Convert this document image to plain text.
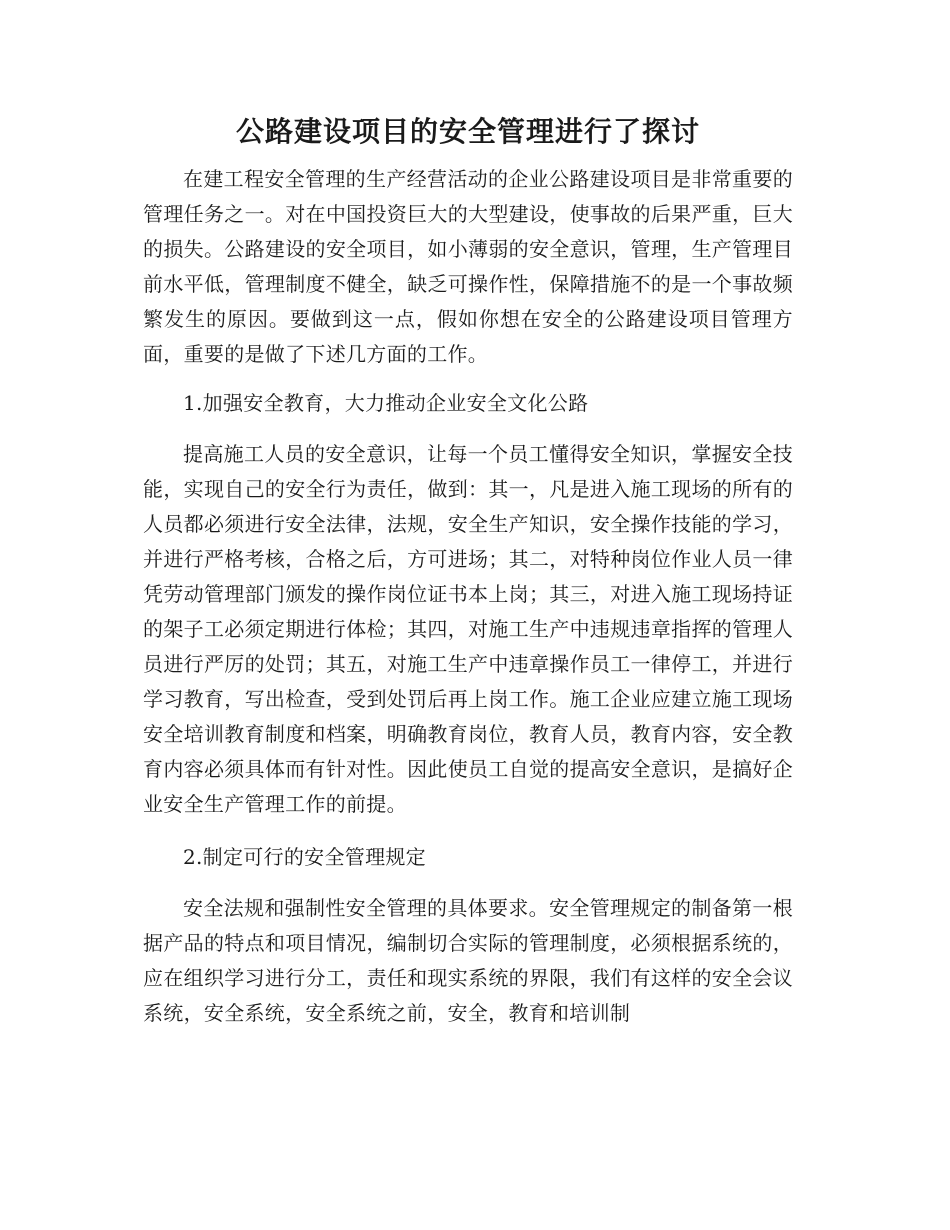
公路建设项目的安全管理进行了探讨

在建工程安全管理的生产经营活动的企业公路建设项目是非常重要的管理任务之一。对在中国投资巨大的大型建设，使事故的后果严重，巨大的损失。公路建设的安全项目，如小薄弱的安全意识，管理，生产管理目前水平低，管理制度不健全，缺乏可操作性，保障措施不的是一个事故频繁发生的原因。要做到这一点，假如你想在安全的公路建设项目管理方面，重要的是做了下述几方面的工作。

1.加强安全教育，大力推动企业安全文化公路

提高施工人员的安全意识，让每一个员工懂得安全知识，掌握安全技能，实现自己的安全行为责任，做到：其一，凡是进入施工现场的所有的人员都必须进行安全法律，法规，安全生产知识，安全操作技能的学习，并进行严格考核，合格之后，方可进场；其二，对特种岗位作业人员一律凭劳动管理部门颁发的操作岗位证书本上岗；其三，对进入施工现场持证的架子工必须定期进行体检；其四，对施工生产中违规违章指挥的管理人员进行严厉的处罚；其五，对施工生产中违章操作员工一律停工，并进行学习教育，写出检查，受到处罚后再上岗工作。施工企业应建立施工现场安全培训教育制度和档案，明确教育岗位，教育人员，教育内容，安全教育内容必须具体而有针对性。因此使员工自觉的提高安全意识，是搞好企业安全生产管理工作的前提。

2.制定可行的安全管理规定

安全法规和强制性安全管理的具体要求。安全管理规定的制备第一根据产品的特点和项目情况，编制切合实际的管理制度，必须根据系统的，应在组织学习进行分工，责任和现实系统的界限，我们有这样的安全会议系统，安全系统，安全系统之前，安全，教育和培训制
